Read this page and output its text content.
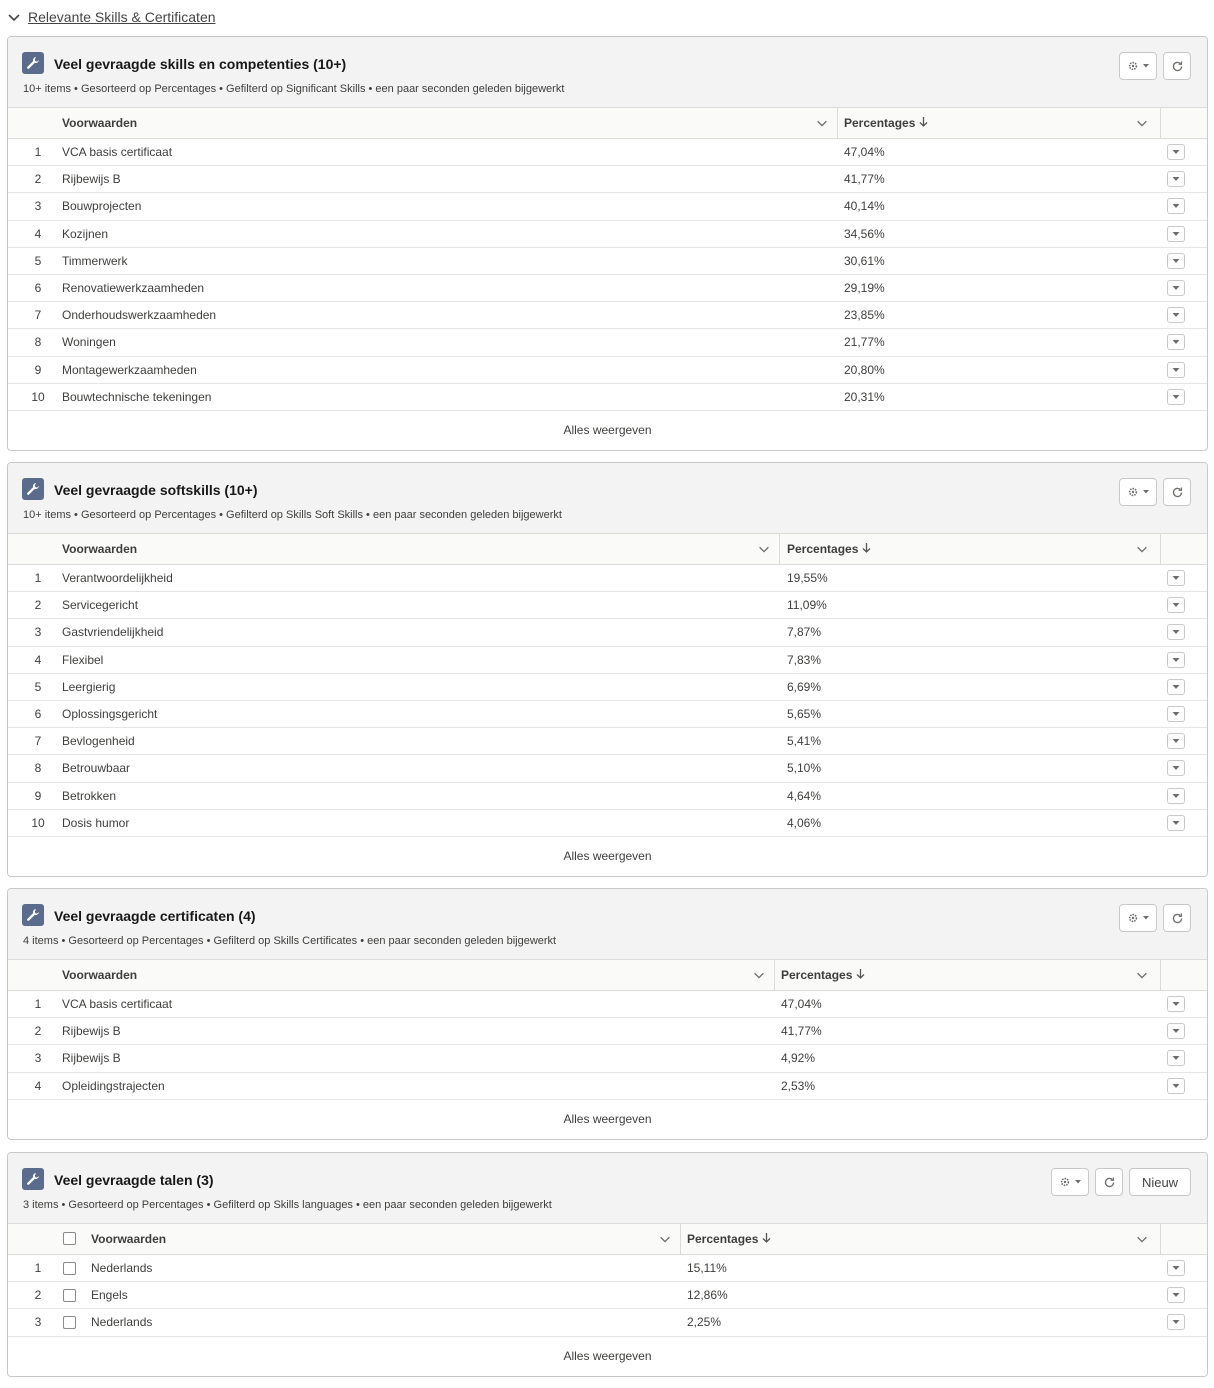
Relevante Skills & Certificaten
Veel gevraagde skills en competenties (10+)
10+ items • Gesorteerd op Percentages • Gefilterd op Significant Skills • een paar seconden geleden bijgewerkt
Voorwaarden	Percentages
1	VCA basis certificaat	47,04%
2	Rijbewijs B	41,77%
3	Bouwprojecten	40,14%
4	Kozijnen	34,56%
5	Timmerwerk	30,61%
6	Renovatiewerkzaamheden	29,19%
7	Onderhoudswerkzaamheden	23,85%
8	Woningen	21,77%
9	Montagewerkzaamheden	20,80%
10 Bouwtechnische tekeningen	20,31%
Alles weergeven
Veel gevraagde softskills (10+)
10+ items • Gesorteerd op Percentages • Gefilterd op Skills Soft Skills • een paar seconden geleden bijgewerkt
Voorwaarden	Percentages
1	Verantwoordelijkheid	19,55%
2	Servicegericht	11,09%
3	Gastvriendelijkheid	7,87%
4	Flexibel	7,83%
5	Leergierig	6,69%
6	Oplossingsgericht	5,65%
7	Bevlogenheid	5,41%
8	Betrouwbaar	5,10%
9	Betrokken	4,64%
10 Dosis humor	4,06%
Alles weergeven
Veel gevraagde certificaten (4)
4 items • Gesorteerd op Percentages • Gefilterd op Skills Certificates • een paar seconden geleden bijgewerkt
Voorwaarden	Percentages
1	VCA basis certificaat	47,04%
2	Rijbewijs B	41,77%
3	Rijbewijs B	4,92%
4	Opleidingstrajecten	2,53%
Alles weergeven
Veel gevraagde talen (3)
3 items • Gesorteerd op Percentages • Gefilterd op Skills languages • een paar seconden geleden bijgewerkt
Nieuw
Voorwaarden	Percentages
1	Nederlands	15,11%
2	Engels	12,86%
3	Nederlands	2,25%
Alles weergeven
